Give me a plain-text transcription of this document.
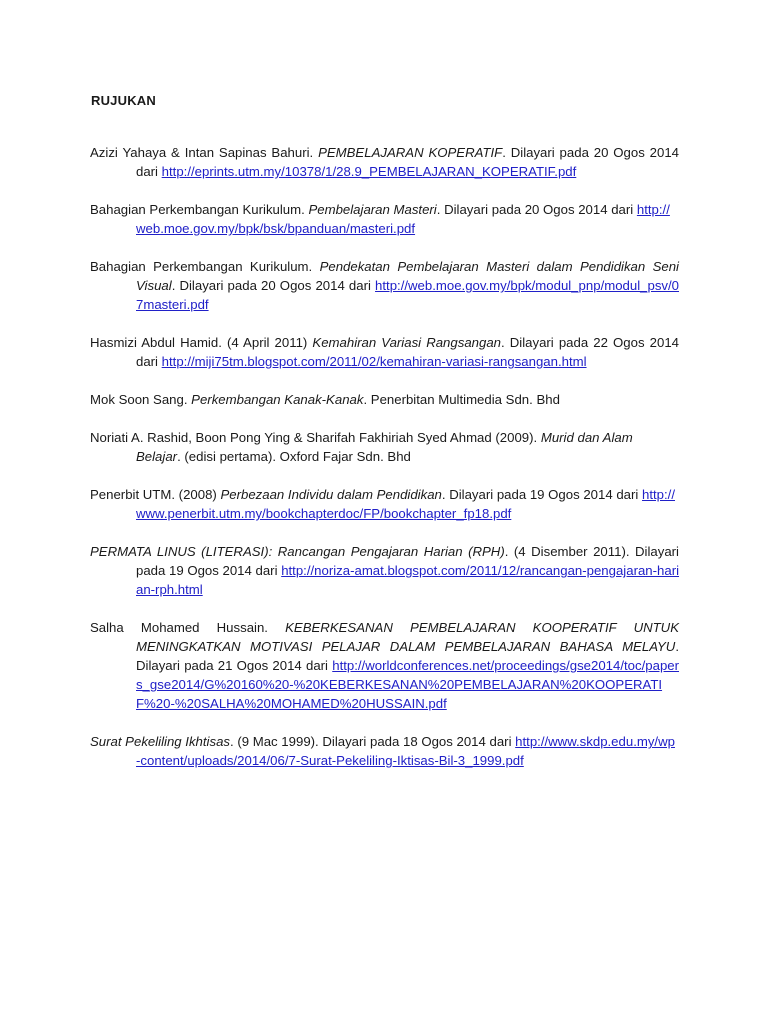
RUJUKAN

Azizi Yahaya & Intan Sapinas Bahuri. PEMBELAJARAN KOPERATIF. Dilayari pada 20 Ogos 2014 dari http://eprints.utm.my/10378/1/28.9_PEMBELAJARAN_KOPERATIF.pdf

Bahagian Perkembangan Kurikulum. Pembelajaran Masteri. Dilayari pada 20 Ogos 2014 dari http://web.moe.gov.my/bpk/bsk/bpanduan/masteri.pdf

Bahagian Perkembangan Kurikulum. Pendekatan Pembelajaran Masteri dalam Pendidikan Seni Visual. Dilayari pada 20 Ogos 2014 dari http://web.moe.gov.my/bpk/modul_pnp/modul_psv/07masteri.pdf

Hasmizi Abdul Hamid. (4 April 2011) Kemahiran Variasi Rangsangan. Dilayari pada 22 Ogos 2014 dari http://miji75tm.blogspot.com/2011/02/kemahiran-variasi-rangsangan.html

Mok Soon Sang. Perkembangan Kanak-Kanak. Penerbitan Multimedia Sdn. Bhd

Noriati A. Rashid, Boon Pong Ying & Sharifah Fakhiriah Syed Ahmad (2009). Murid dan Alam Belajar. (edisi pertama). Oxford Fajar Sdn. Bhd

Penerbit UTM. (2008) Perbezaan Individu dalam Pendidikan. Dilayari pada 19 Ogos 2014 dari http://www.penerbit.utm.my/bookchapterdoc/FP/bookchapter_fp18.pdf

PERMATA LINUS (LITERASI): Rancangan Pengajaran Harian (RPH). (4 Disember 2011). Dilayari pada 19 Ogos 2014 dari http://noriza-amat.blogspot.com/2011/12/rancangan-pengajaran-harian-rph.html

Salha Mohamed Hussain. KEBERKESANAN PEMBELAJARAN KOOPERATIF UNTUK MENINGKATKAN MOTIVASI PELAJAR DALAM PEMBELAJARAN BAHASA MELAYU. Dilayari pada 21 Ogos 2014 dari http://worldconferences.net/proceedings/gse2014/toc/papers_gse2014/G%20160%20-%20KEBERKESANAN%20PEMBELAJARAN%20KOOPERATIF%20-%20SALHA%20MOHAMED%20HUSSAIN.pdf

Surat Pekeliling Ikhtisas. (9 Mac 1999). Dilayari pada 18 Ogos 2014 dari http://www.skdp.edu.my/wp-content/uploads/2014/06/7-Surat-Pekeliling-Iktisas-Bil-3_1999.pdf
